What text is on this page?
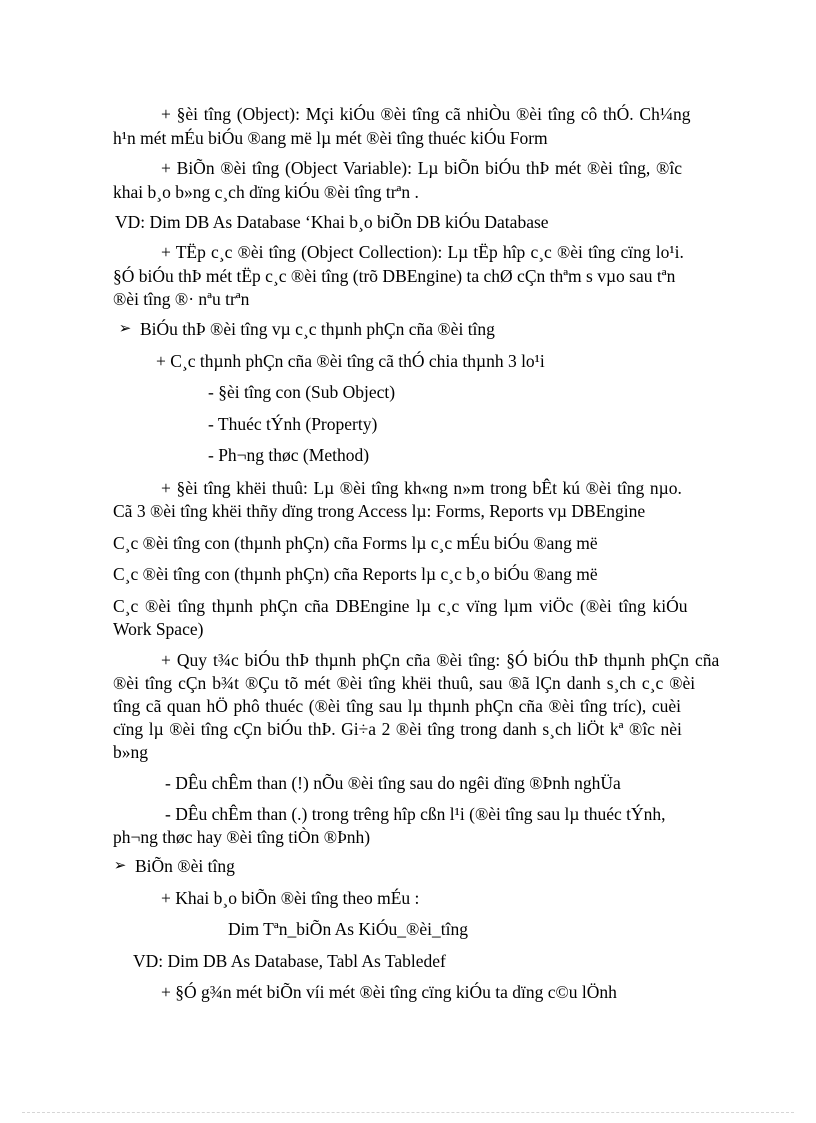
+ §èi tîng (Object): Mçi kiÓu ®èi tîng cã nhiÒu ®èi tîng cô thÓ. Ch¼ng

h¹n mét mÉu biÓu ®ang më lµ mét ®èi tîng thuéc kiÓu Form

+ BiÕn ®èi tîng (Object Variable): Lµ biÕn biÓu thÞ mét ®èi tîng, ®îc

khai b¸o b»ng c¸ch dïng kiÓu ®èi tîng trªn .

VD: Dim DB As Database ‘Khai b¸o biÕn DB kiÓu Database

+ TËp c¸c ®èi tîng (Object Collection): Lµ tËp hîp c¸c ®èi tîng cïng lo¹i.

§Ó biÓu thÞ mét tËp c¸c ®èi tîng (trõ DBEngine) ta chØ cÇn thªm s vµo sau tªn

®èi tîng ®· nªu trªn

➢ BiÓu thÞ ®èi tîng vµ c¸c thµnh phÇn cña ®èi tîng

+ C¸c thµnh phÇn cña ®èi tîng cã thÓ chia thµnh 3 lo¹i

- §èi tîng con (Sub Object)

- Thuéc tÝnh (Property)

- Ph¬ng thøc (Method)

+ §èi tîng khëi thuû: Lµ ®èi tîng kh«ng n»m trong bÊt kú ®èi tîng nµo.

Cã 3 ®èi tîng khëi thñy dïng trong Access lµ: Forms, Reports vµ DBEngine

C¸c ®èi tîng con (thµnh phÇn) cña Forms lµ c¸c mÉu biÓu ®ang më

C¸c ®èi tîng con (thµnh phÇn) cña Reports lµ c¸c b¸o biÓu ®ang më

C¸c ®èi tîng thµnh phÇn cña DBEngine lµ c¸c vïng lµm viÖc (®èi tîng kiÓu

Work Space)

+ Quy t¾c biÓu thÞ thµnh phÇn cña ®èi tîng: §Ó biÓu thÞ thµnh phÇn cña

®èi tîng cÇn b¾t ®Çu tõ mét ®èi tîng khëi thuû, sau ®ã lÇn danh s¸ch c¸c ®èi

tîng cã quan hÖ phô thuéc (®èi tîng sau lµ thµnh phÇn cña ®èi tîng tríc), cuèi

cïng lµ ®èi tîng cÇn biÓu thÞ. Gi÷a 2 ®èi tîng trong danh s¸ch liÖt kª ®îc nèi

b»ng

- DÊu chÊm than (!) nÕu ®èi tîng sau do ngêi dïng ®Þnh nghÜa

- DÊu chÊm than (.) trong trêng hîp cßn l¹i (®èi tîng sau lµ thuéc tÝnh,

ph¬ng thøc hay ®èi tîng tiÒn ®Þnh)

➢ BiÕn ®èi tîng

+ Khai b¸o biÕn ®èi tîng theo mÉu :

Dim Tªn_biÕn As KiÓu_®èi_tîng

VD: Dim DB As Database, Tabl As Tabledef

+ §Ó g¾n mét biÕn víi mét ®èi tîng cïng kiÓu ta dïng c©u lÖnh
